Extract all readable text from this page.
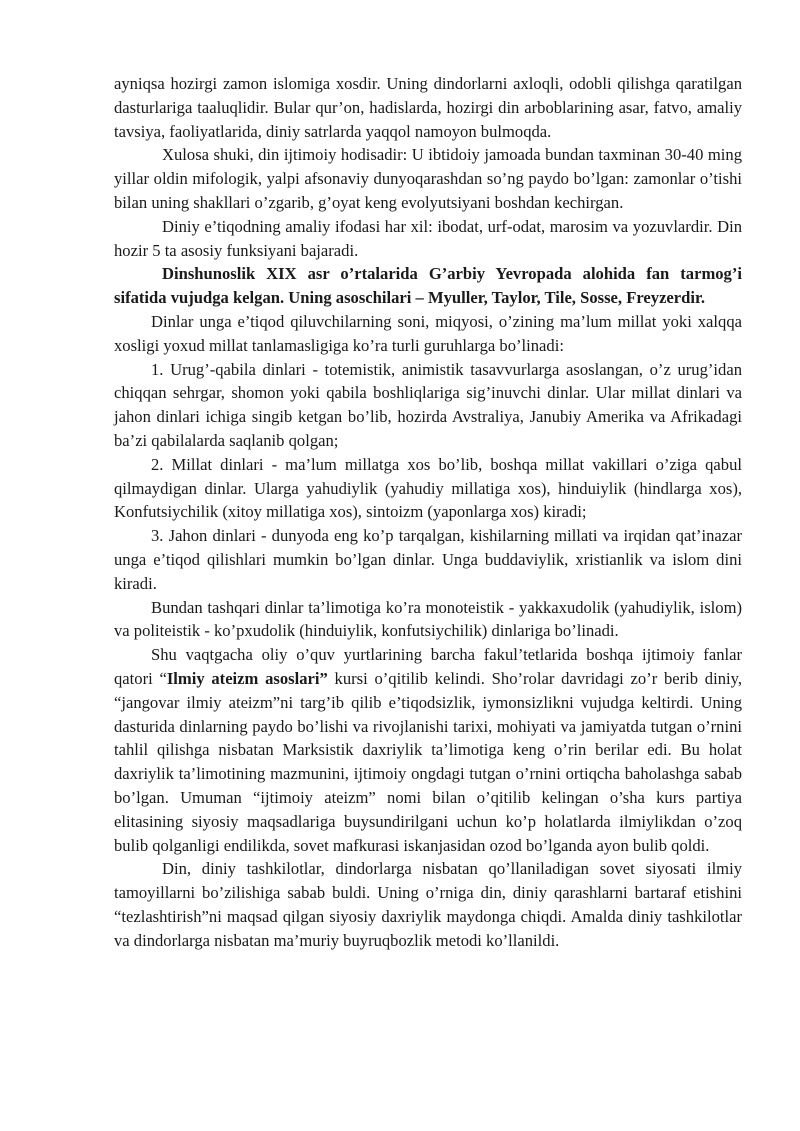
ayniqsa hozirgi zamon islomiga xosdir. Uning dindorlarni axloqli, odobli qilishga qaratilgan dasturlariga taaluqlidir. Bular qur’on, hadislarda, hozirgi din arboblarining asar, fatvo, amaliy tavsiya, faoliyatlarida, diniy satrlarda yaqqol namoyon bulmoqda.

Xulosa shuki, din ijtimoiy hodisadir: U ibtidoiy jamoada bundan taxminan 30-40 ming yillar oldin mifologik, yalpi afsonaviy dunyoqarashdan so’ng paydo bo’lgan: zamonlar o’tishi bilan uning shakllari o’zgarib, g’oyat keng evolyutsiyani boshdan kechirgan.

Diniy e’tiqodning amaliy ifodasi har xil: ibodat, urf-odat, marosim va yozuvlardir. Din hozir 5 ta asosiy funksiyani bajaradi.

Dinshunoslik XIX asr o’rtalarida G’arbiy Yevropada alohida fan tarmog’i sifatida vujudga kelgan. Uning asoschilari – Myuller, Taylor, Tile, Sosse, Freyzerdir.

Dinlar unga e’tiqod qiluvchilarning soni, miqyosi, o’zining ma’lum millat yoki xalqqa xosligi yoxud millat tanlamasligiga ko’ra turli guruhlarga bo’linadi:

1. Urug’-qabila dinlari - totemistik, animistik tasavvurlarga asoslangan, o’z urug’idan chiqqan sehrgar, shomon yoki qabila boshliqlariga sig’inuvchi dinlar. Ular millat dinlari va jahon dinlari ichiga singib ketgan bo’lib, hozirda Avstraliya, Janubiy Amerika va Afrikadagi ba’zi qabilalarda saqlanib qolgan;

2. Millat dinlari - ma’lum millatga xos bo’lib, boshqa millat vakillari o’ziga qabul qilmaydigan dinlar. Ularga yahudiylik (yahudiy millatiga xos), hinduiylik (hindlarga xos), Konfutsiychilik (xitoy millatiga xos), sintoizm (yaponlarga xos) kiradi;

3. Jahon dinlari - dunyoda eng ko’p tarqalgan, kishilarning millati va irqidan qat’inazar unga e’tiqod qilishlari mumkin bo’lgan dinlar. Unga buddaviylik, xristianlik va islom dini kiradi.

Bundan tashqari dinlar ta’limotiga ko’ra monoteistik - yakkaxudolik (yahudiylik, islom) va politeistik - ko’pxudolik (hinduiylik, konfutsiychilik) dinlariga bo’linadi.

Shu vaqtgacha oliy o’quv yurtlarining barcha fakul’tetlarida boshqa ijtimoiy fanlar qatori “Ilmiy ateizm asoslari” kursi o’qitilib kelindi. Sho’rolar davridagi zo’r berib diniy, “jangovar ilmiy ateizm”ni targ’ib qilib e’tiqodsizlik, iymonsizlikni vujudga keltirdi. Uning dasturida dinlarning paydo bo’lishi va rivojlanishi tarixi, mohiyati va jamiyatda tutgan o’rnini tahlil qilishga nisbatan Marksistik daxriylik ta’limotiga keng o’rin berilar edi. Bu holat daxriylik ta’limotining mazmunini, ijtimoiy ongdagi tutgan o’rnini ortiqcha baholashga sabab bo’lgan. Umuman “ijtimoiy ateizm” nomi bilan o’qitilib kelingan o’sha kurs partiya elitasining siyosiy maqsadlariga buysundirilgani uchun ko’p holatlarda ilmiylikdan o’zoq bulib qolganligi endilikda, sovet mafkurasi iskanjasidan ozod bo’lganda ayon bulib qoldi.

Din, diniy tashkilotlar, dindorlarga nisbatan qo’llaniladigan sovet siyosati ilmiy tamoyillarni bo’zilishiga sabab buldi. Uning o’rniga din, diniy qarashlarni bartaraf etishini “tezlashtirish”ni maqsad qilgan siyosiy daxriylik maydonga chiqdi. Amalda diniy tashkilotlar va dindorlarga nisbatan ma’muriy buyruqbozlik metodi ko’llanildi.
